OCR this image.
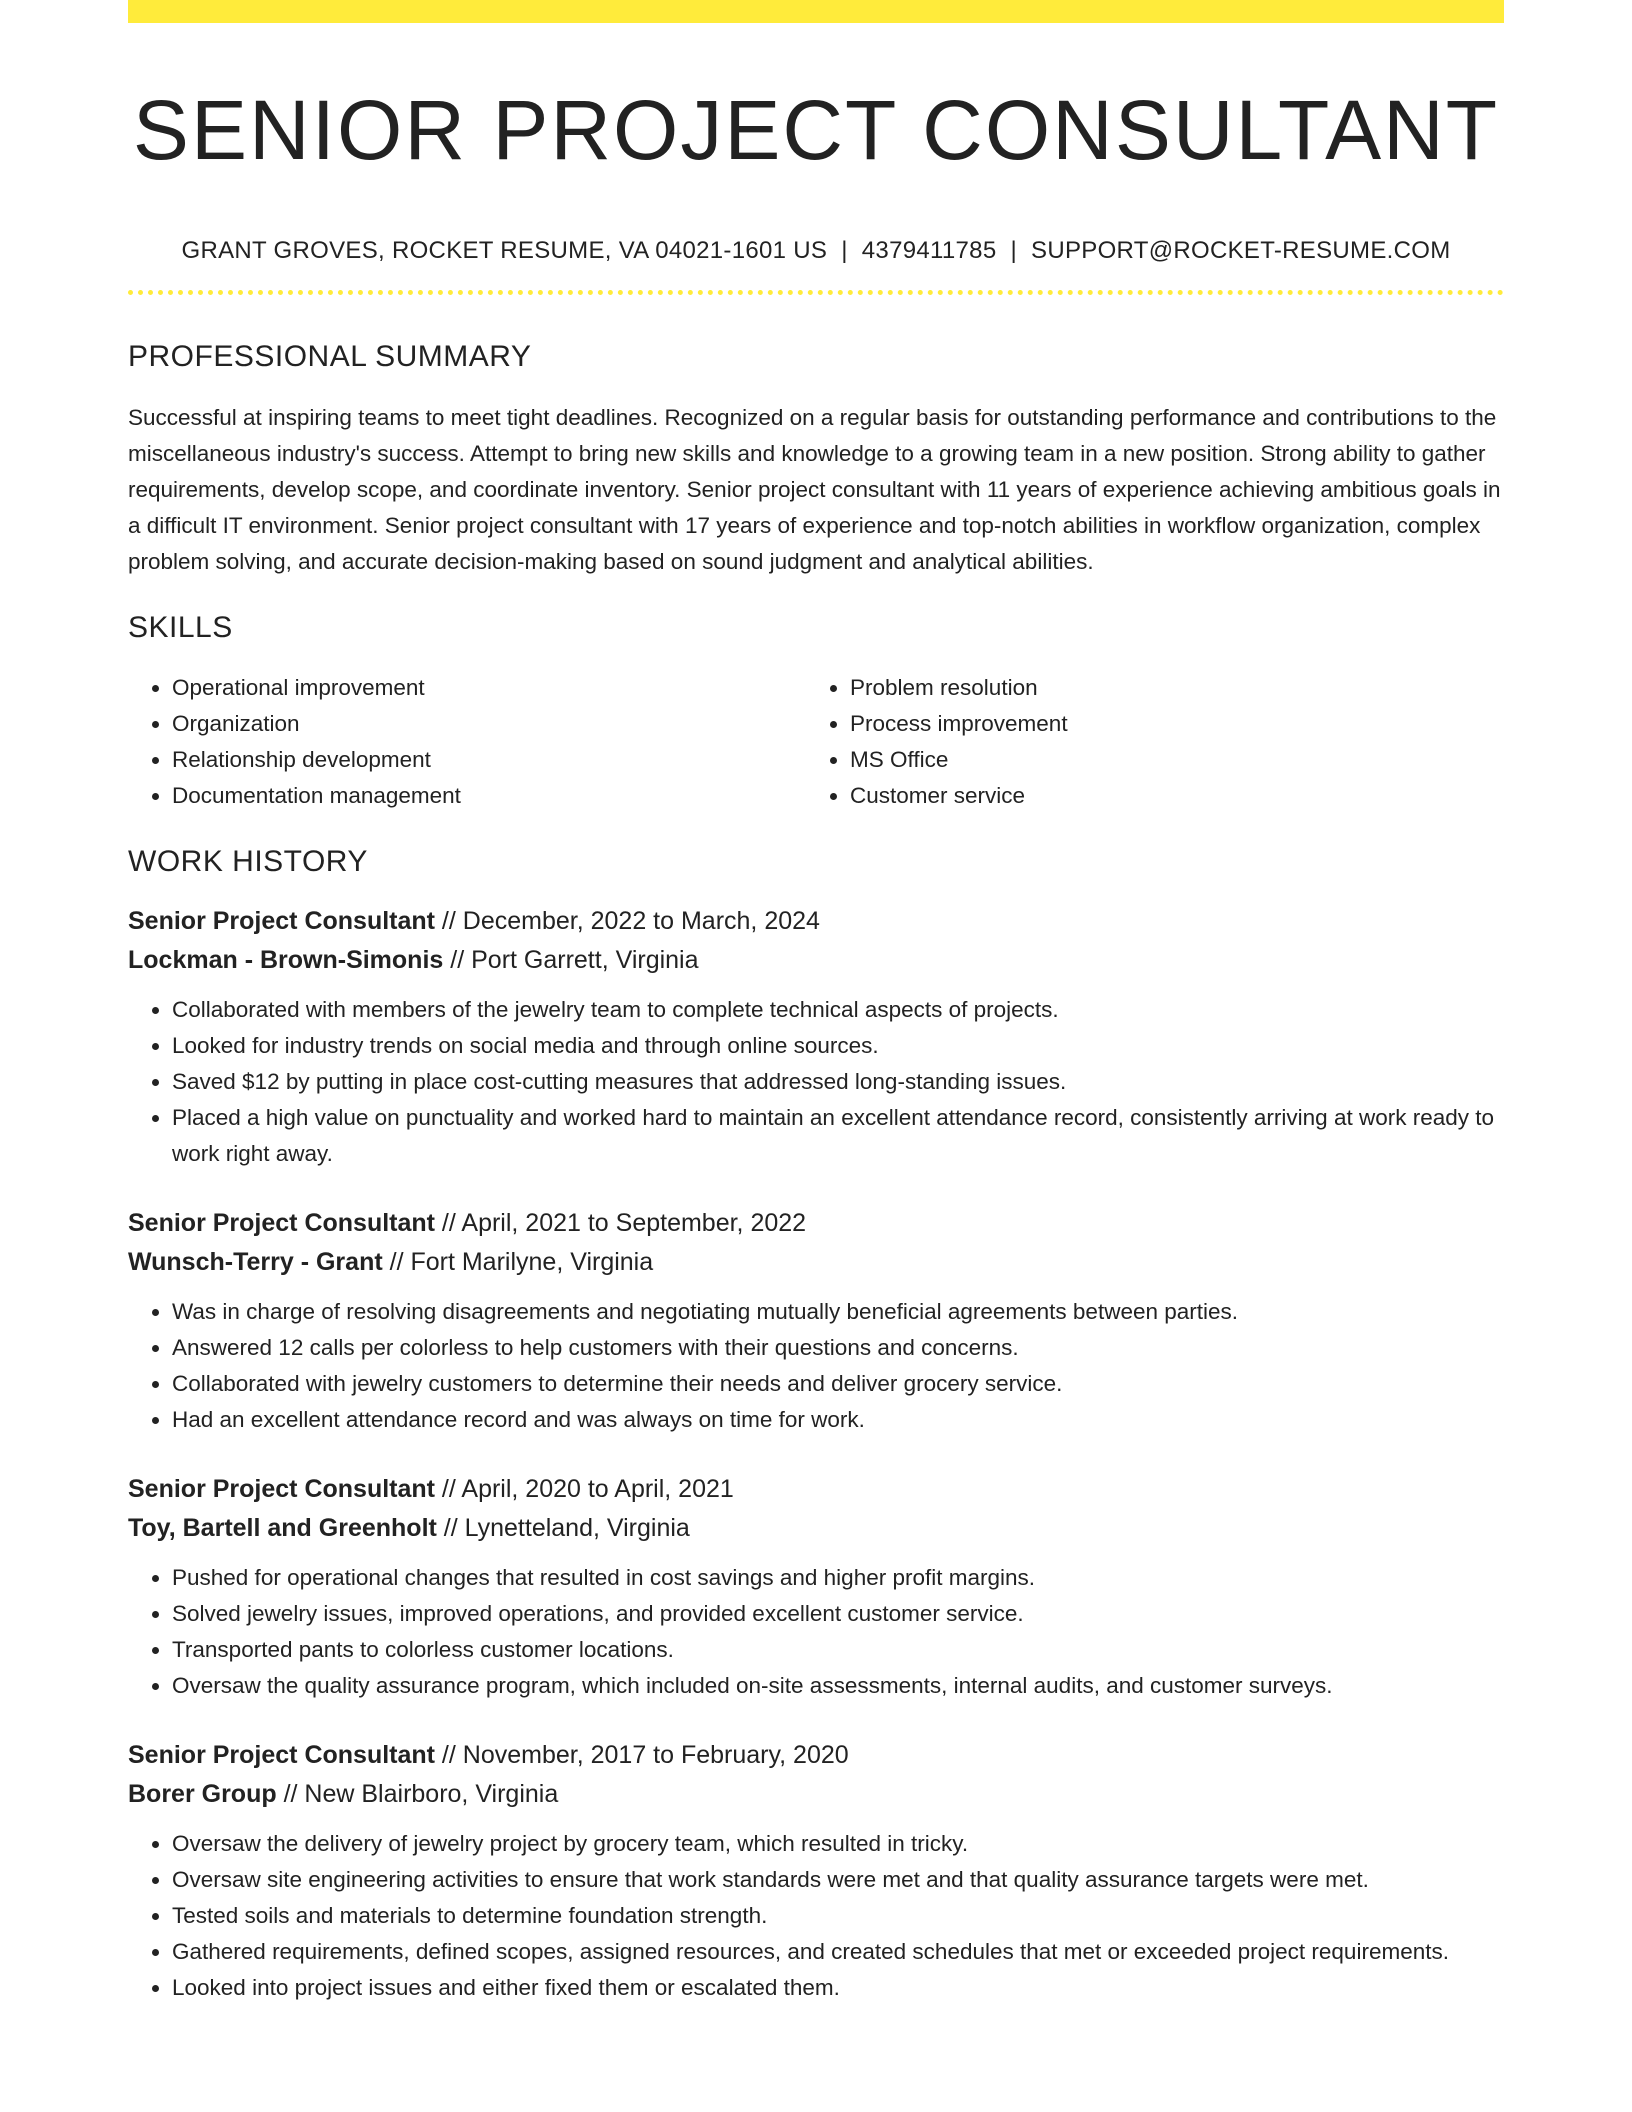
SENIOR PROJECT CONSULTANT
GRANT GROVES, ROCKET RESUME, VA 04021-1601 US | 4379411785 | SUPPORT@ROCKET-RESUME.COM
PROFESSIONAL SUMMARY

Successful at inspiring teams to meet tight deadlines. Recognized on a regular basis for outstanding performance and contributions to the miscellaneous industry's success. Attempt to bring new skills and knowledge to a growing team in a new position. Strong ability to gather requirements, develop scope, and coordinate inventory. Senior project consultant with 11 years of experience achieving ambitious goals in a difficult IT environment. Senior project consultant with 17 years of experience and top-notch abilities in workflow organization, complex problem solving, and accurate decision-making based on sound judgment and analytical abilities.

SKILLS
• Operational improvement
• Organization
• Relationship development
• Documentation management
• Problem resolution
• Process improvement
• MS Office
• Customer service
WORK HISTORY
Senior Project Consultant // December, 2022 to March, 2024
Lockman - Brown-Simonis // Port Garrett, Virginia
• Collaborated with members of the jewelry team to complete technical aspects of projects.
• Looked for industry trends on social media and through online sources.
• Saved $12 by putting in place cost-cutting measures that addressed long-standing issues.
• Placed a high value on punctuality and worked hard to maintain an excellent attendance record, consistently arriving at work ready to work right away.
Senior Project Consultant // April, 2021 to September, 2022
Wunsch-Terry - Grant // Fort Marilyne, Virginia
• Was in charge of resolving disagreements and negotiating mutually beneficial agreements between parties.
• Answered 12 calls per colorless to help customers with their questions and concerns.
• Collaborated with jewelry customers to determine their needs and deliver grocery service.
• Had an excellent attendance record and was always on time for work.
Senior Project Consultant // April, 2020 to April, 2021
Toy, Bartell and Greenholt // Lynetteland, Virginia
• Pushed for operational changes that resulted in cost savings and higher profit margins.
• Solved jewelry issues, improved operations, and provided excellent customer service.
• Transported pants to colorless customer locations.
• Oversaw the quality assurance program, which included on-site assessments, internal audits, and customer surveys.
Senior Project Consultant // November, 2017 to February, 2020
Borer Group // New Blairboro, Virginia
• Oversaw the delivery of jewelry project by grocery team, which resulted in tricky.
• Oversaw site engineering activities to ensure that work standards were met and that quality assurance targets were met.
• Tested soils and materials to determine foundation strength.
• Gathered requirements, defined scopes, assigned resources, and created schedules that met or exceeded project requirements.
• Looked into project issues and either fixed them or escalated them.
